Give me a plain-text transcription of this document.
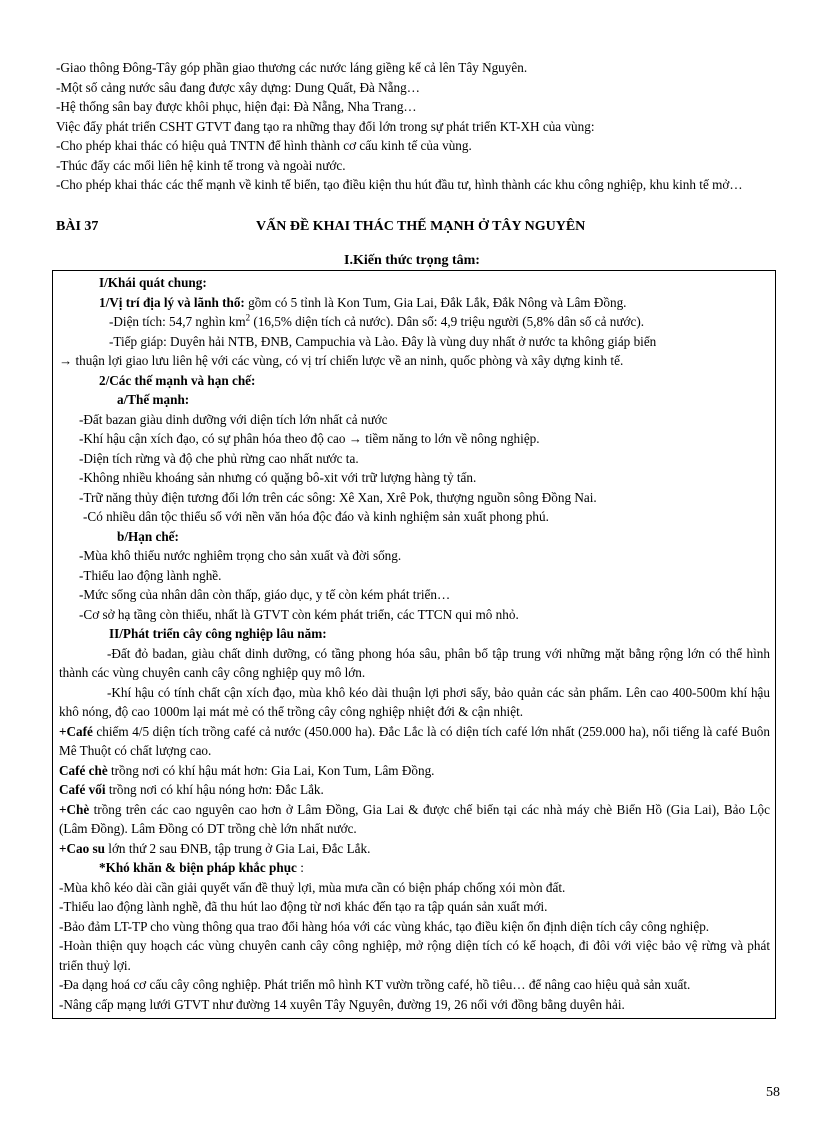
-Giao thông Đông-Tây góp phần giao thương các nước láng giềng kể cả lên Tây Nguyên.

-Một số cảng nước sâu đang được xây dựng: Dung Quất, Đà Nẵng…

-Hệ thống sân bay được khôi phục, hiện đại: Đà Nẵng, Nha Trang…

Việc đẩy phát triển CSHT GTVT đang tạo ra những thay đổi lớn trong sự phát triển KT-XH của vùng:

-Cho phép khai thác có hiệu quả TNTN để hình thành cơ cấu kinh tế của vùng.

-Thúc đẩy các mối liên hệ kinh tế trong và ngoài nước.

-Cho phép khai thác các thế mạnh về kinh tế biển, tạo điều kiện thu hút đầu tư, hình thành các khu công nghiệp, khu kinh tế mở…

BÀI 37	VẤN ĐỀ KHAI THÁC THẾ MẠNH Ở TÂY NGUYÊN

I.Kiến thức trọng tâm:

I/Khái quát chung:

1/Vị trí địa lý và lãnh thổ: gồm có 5 tỉnh là Kon Tum, Gia Lai, Đắk Lắk, Đắk Nông và Lâm Đồng.

-Diện tích: 54,7 nghìn $km^2$ (16,5% diện tích cả nước). Dân số: 4,9 triệu người (5,8% dân số cả nước).

-Tiếp giáp: Duyên hải NTB, ĐNB, Campuchia và Lào. Đây là vùng duy nhất ở nước ta không giáp biển

→ thuận lợi giao lưu liên hệ với các vùng, có vị trí chiến lược về an ninh, quốc phòng và xây dựng kinh tế.

2/Các thế mạnh và hạn chế:

a/Thế mạnh:

-Đất bazan giàu dinh dưỡng với diện tích lớn nhất cả nước

-Khí hậu cận xích đạo, có sự phân hóa theo độ cao → tiềm năng to lớn về nông nghiệp.

-Diện tích rừng và độ che phủ rừng cao nhất nước ta.

-Không nhiều khoáng sản nhưng có quặng bô-xit với trữ lượng hàng tỷ tấn.

-Trữ năng thủy điện tương đối lớn trên các sông: Xê Xan, Xrê Pok, thượng nguồn sông Đồng Nai.

-Có nhiều dân tộc thiểu số với nền văn hóa độc đáo và kinh nghiệm sản xuất phong phú.

b/Hạn chế:

-Mùa khô thiếu nước nghiêm trọng cho sản xuất và đời sống.

-Thiếu lao động lành nghề.

-Mức sống của nhân dân còn thấp, giáo dục, y tế còn kém phát triển…

-Cơ sở hạ tầng còn thiếu, nhất là GTVT còn kém phát triển, các TTCN qui mô nhỏ.

II/Phát triển cây công nghiệp lâu năm:

-Đất đỏ badan, giàu chất dinh dưỡng, có tầng phong hóa sâu, phân bố tập trung với những mặt bằng rộng lớn có thể hình thành các vùng chuyên canh cây công nghiệp quy mô lớn.

-Khí hậu có tính chất cận xích đạo, mùa khô kéo dài thuận lợi phơi sấy, bảo quản các sản phẩm. Lên cao 400-500m khí hậu khô nóng, độ cao 1000m lại mát mẻ có thể trồng cây công nghiệp nhiệt đới & cận nhiệt.

+Café chiếm 4/5 diện tích trồng café cả nước (450.000 ha). Đắc Lắc là có diện tích café lớn nhất (259.000 ha), nổi tiếng là café Buôn Mê Thuột có chất lượng cao.

Café chè trồng nơi có khí hậu mát hơn: Gia Lai, Kon Tum, Lâm Đồng.

Café vối trồng nơi có khí hậu nóng hơn: Đắc Lắk.

+Chè trồng trên các cao nguyên cao hơn ở Lâm Đồng, Gia Lai & được chế biến tại các nhà máy chè Biển Hồ (Gia Lai), Bảo Lộc (Lâm Đồng). Lâm Đồng có DT trồng chè lớn nhất nước.

+Cao su lớn thứ 2 sau ĐNB, tập trung ở Gia Lai, Đắc Lắk.

*Khó khăn & biện pháp khắc phục :

-Mùa khô kéo dài cần giải quyết vấn đề thuỷ lợi, mùa mưa cần có biện pháp chống xói mòn đất.

-Thiếu lao động lành nghề, đã thu hút lao động từ nơi khác đến tạo ra tập quán sản xuất mới.

-Bảo đảm LT-TP cho vùng thông qua trao đổi hàng hóa với các vùng khác, tạo điều kiện ổn định diện tích cây công nghiệp.

-Hoàn thiện quy hoạch các vùng chuyên canh cây công nghiệp, mở rộng diện tích có kế hoạch, đi đôi với việc bảo vệ rừng và phát triển thuỷ lợi.

-Đa dạng hoá cơ cấu cây công nghiệp. Phát triển mô hình KT vườn trồng café, hồ tiêu… để nâng cao hiệu quả sản xuất.

-Nâng cấp mạng lưới GTVT như đường 14 xuyên Tây Nguyên, đường 19, 26 nối với đồng bằng duyên hải.

58
